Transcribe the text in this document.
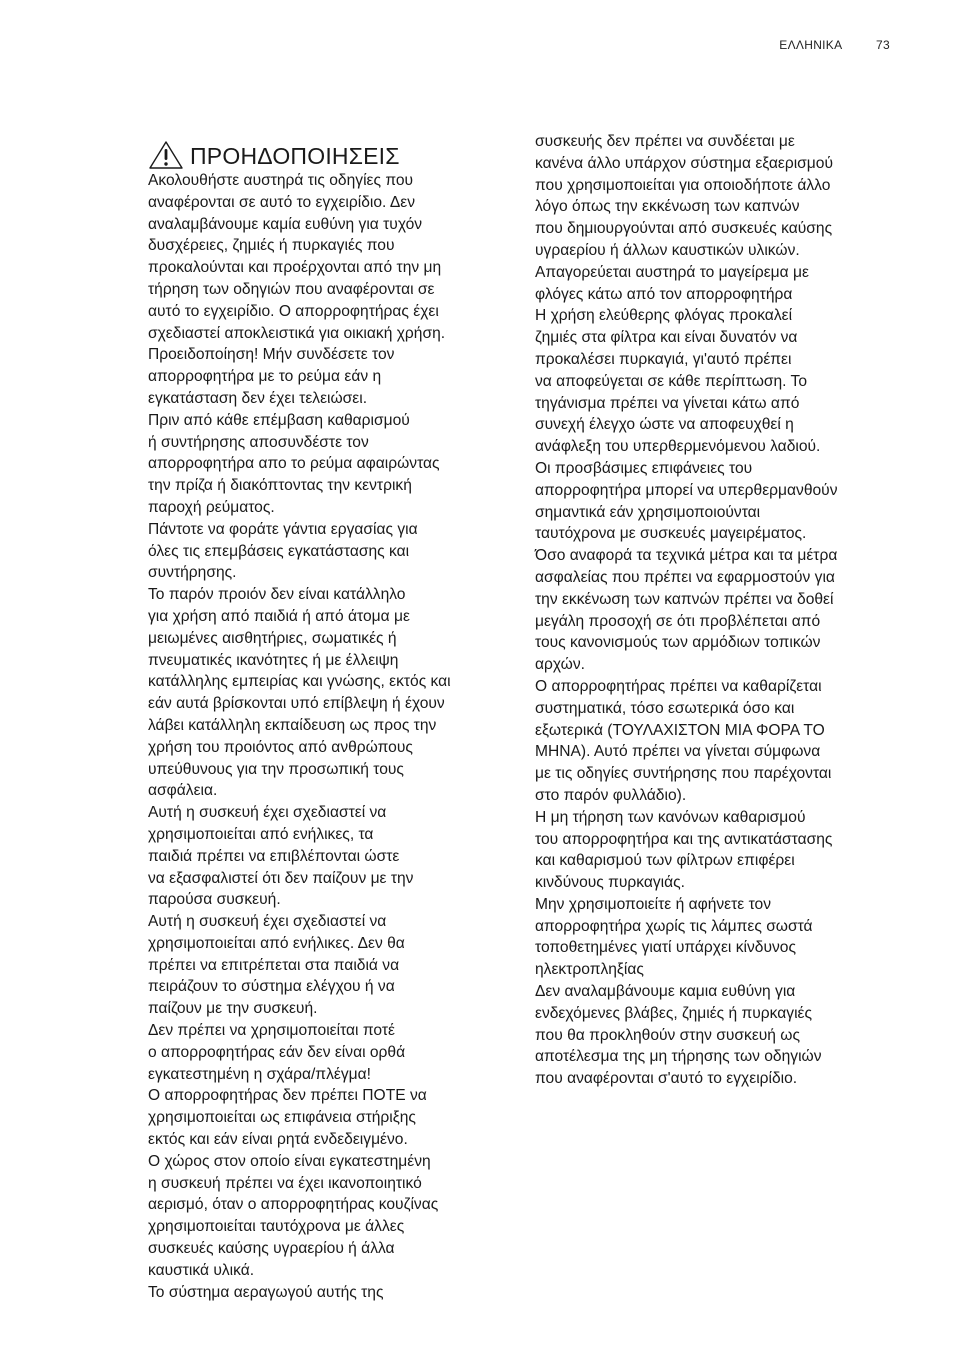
ΕΛΛΗΝΙΚΑ	73
ΠΡΟΗΔΟΠΟΙΗΣΕΙΣ
Ακολουθήστε αυστηρά τις οδηγίες που
αναφέρονται σε αυτό το εγχειρίδιο. Δεν
αναλαμβάνουμε καμία ευθύνη για τυχόν
δυσχέρειες, ζημιές ή πυρκαγιές που
προκαλούνται και προέρχονται από την μη
τήρηση των οδηγιών που αναφέρονται σε
αυτό το εγχειρίδιο. Ο απορροφητήρας έχει
σχεδιαστεί αποκλειστικά για οικιακή χρήση.
Προειδοποίηση! Μήν συνδέσετε τον
απορροφητήρα με το ρεύμα εάν η
εγκατάσταση δεν έχει τελειώσει.
Πριν από κάθε επέμβαση καθαρισμού
ή συντήρησης αποσυνδέστε τον
απορροφητήρα απο το ρεύμα αφαιρώντας
την πρίζα ή διακόπτοντας την κεντρική
παροχή ρεύματος.
Πάντοτε να φοράτε γάντια εργασίας για
όλες τις επεμβάσεις εγκατάστασης και
συντήρησης.
Το παρόν προιόν δεν είναι κατάλληλο
για χρήση από παιδιά ή από άτομα με
μειωμένες αισθητήριες, σωματικές ή
πνευματικές ικανότητες ή με έλλειψη
κατάλληλης εμπειρίας και γνώσης, εκτός και
εάν αυτά βρίσκονται υπό επίβλεψη ή έχουν
λάβει κατάλληλη εκπαίδευση ως προς την
χρήση του προιόντος από ανθρώπους
υπεύθυνους για την προσωπική τους
ασφάλεια.
Αυτή η συσκευή έχει σχεδιαστεί να
χρησιμοποιείται από ενήλικες, τα
παιδιά πρέπει να επιβλέπονται ώστε
να εξασφαλιστεί ότι δεν παίζουν με την
παρούσα συσκευή.
Αυτή η συσκευή έχει σχεδιαστεί να
χρησιμοποιείται από ενήλικες. Δεν θα
πρέπει να επιτρέπεται στα παιδιά να
πειράζουν το σύστημα ελέγχου ή να
παίζουν με την συσκευή.
Δεν πρέπει να χρησιμοποιείται ποτέ
ο απορροφητήρας εάν δεν είναι ορθά
εγκατεστημένη η σχάρα/πλέγμα!
Ο απορροφητήρας δεν πρέπει ΠΟΤΕ να
χρησιμοποιείται ως επιφάνεια στήριξης
εκτός και εάν είναι ρητά ενδεδειγμένο.
Ο χώρος στον οποίο είναι εγκατεστημένη
η συσκευή πρέπει να έχει ικανοποιητικό
αερισμό, όταν ο απορροφητήρας κουζίνας
χρησιμοποιείται ταυτόχρονα με άλλες
συσκευές καύσης υγραερίου ή άλλα
καυστικά υλικά.
Το σύστημα αεραγωγού αυτής της
συσκευής δεν πρέπει να συνδέεται με
κανένα άλλο υπάρχον σύστημα εξαερισμού
που χρησιμοποιείται για οποιοδήποτε άλλο
λόγο όπως την εκκένωση των καπνών
που δημιουργούνται από συσκευές καύσης
υγραερίου ή άλλων καυστικών υλικών.
Απαγορεύεται αυστηρά το μαγείρεμα με
φλόγες κάτω από τον απορροφητήρα
Η χρήση ελεύθερης φλόγας προκαλεί
ζημιές στα φίλτρα και είναι δυνατόν να
προκαλέσει πυρκαγιά, γι'αυτό πρέπει
να αποφεύγεται σε κάθε περίπτωση. Το
τηγάνισμα πρέπει να γίνεται κάτω από
συνεχή έλεγχο ώστε να αποφευχθεί η
ανάφλεξη του υπερθερμενόμενου λαδιού.
Οι προσβάσιμες επιφάνειες του
απορροφητήρα μπορεί να υπερθερμανθούν
σημαντικά εάν χρησιμοποιούνται
ταυτόχρονα με συσκευές μαγειρέματος.
Όσο αναφορά τα τεχνικά μέτρα και τα μέτρα
ασφαλείας που πρέπει να εφαρμοστούν για
την εκκένωση των καπνών πρέπει να δοθεί
μεγάλη προσοχή σε ότι προβλέπεται από
τους κανονισμούς των αρμόδιων τοπικών
αρχών.
Ο απορροφητήρας πρέπει να καθαρίζεται
συστηματικά, τόσο εσωτερικά όσο και
εξωτερικά (ΤΟΥΛΑΧΙΣΤΟΝ ΜΙΑ ΦΟΡΑ ΤΟ
ΜΗΝΑ). Αυτό πρέπει να γίνεται σύμφωνα
με τις οδηγίες συντήρησης που παρέχονται
στο παρόν φυλλάδιο).
Η μη τήρηση των κανόνων καθαρισμού
του απορροφητήρα και της αντικατάστασης
και καθαρισμού των φίλτρων επιφέρει
κινδύνους πυρκαγιάς.
Μην χρησιμοποιείτε ή αφήνετε τον
απορροφητήρα χωρίς τις λάμπες σωστά
τοποθετημένες γιατί υπάρχει κίνδυνος
ηλεκτροπληξίας
Δεν αναλαμβάνουμε καμια ευθύνη για
ενδεχόμενες βλάβες, ζημιές ή πυρκαγιές
που θα προκληθούν στην συσκευή ως
αποτέλεσμα της μη τήρησης των οδηγιών
που αναφέρονται σ'αυτό το εγχειρίδιο.
